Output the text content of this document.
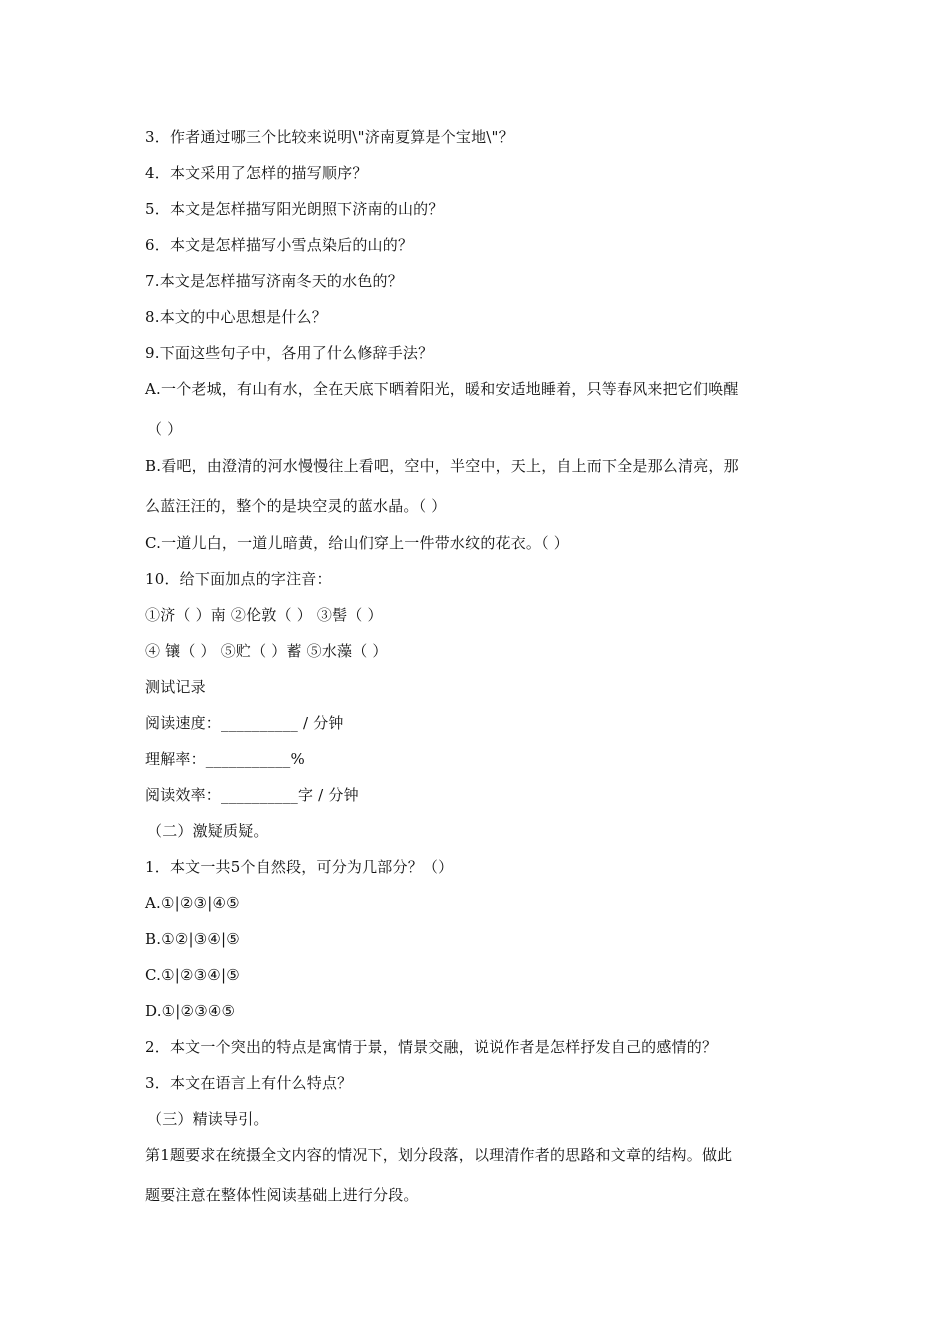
3．作者通过哪三个比较来说明\"济南夏算是个宝地\"？
4．本文采用了怎样的描写顺序？
5．本文是怎样描写阳光朗照下济南的山的？
6．本文是怎样描写小雪点染后的山的？
7.本文是怎样描写济南冬天的水色的？
8.本文的中心思想是什么？
9.下面这些句子中，各用了什么修辞手法？
A.一个老城，有山有水，全在天底下晒着阳光，暖和安适地睡着，只等春风来把它们唤醒
（ ）
B.看吧，由澄清的河水慢慢往上看吧，空中，半空中，天上，自上而下全是那么清亮，那
么蓝汪汪的，整个的是块空灵的蓝水晶。（ ）
C.一道儿白，一道儿暗黄，给山们穿上一件带水纹的花衣。（ ）
10．给下面加点的字注音：
①济（ ）南 ②伦敦（ ） ③髻（ ）
④ 镶（ ） ⑤贮（ ）蓄 ⑤水藻（ ）
测试记录
阅读速度：__________ / 分钟
理解率：___________%
阅读效率：__________字 / 分钟
（二）激疑质疑。
1．本文一共5个自然段，可分为几部分？（）
A.①|②③|④⑤
B.①②|③④|⑤
C.①|②③④|⑤
D.①|②③④⑤
2．本文一个突出的特点是寓情于景，情景交融，说说作者是怎样抒发自己的感情的？
3．本文在语言上有什么特点？
（三）精读导引。
第1题要求在统摄全文内容的情况下，划分段落，以理清作者的思路和文章的结构。做此
题要注意在整体性阅读基础上进行分段。
